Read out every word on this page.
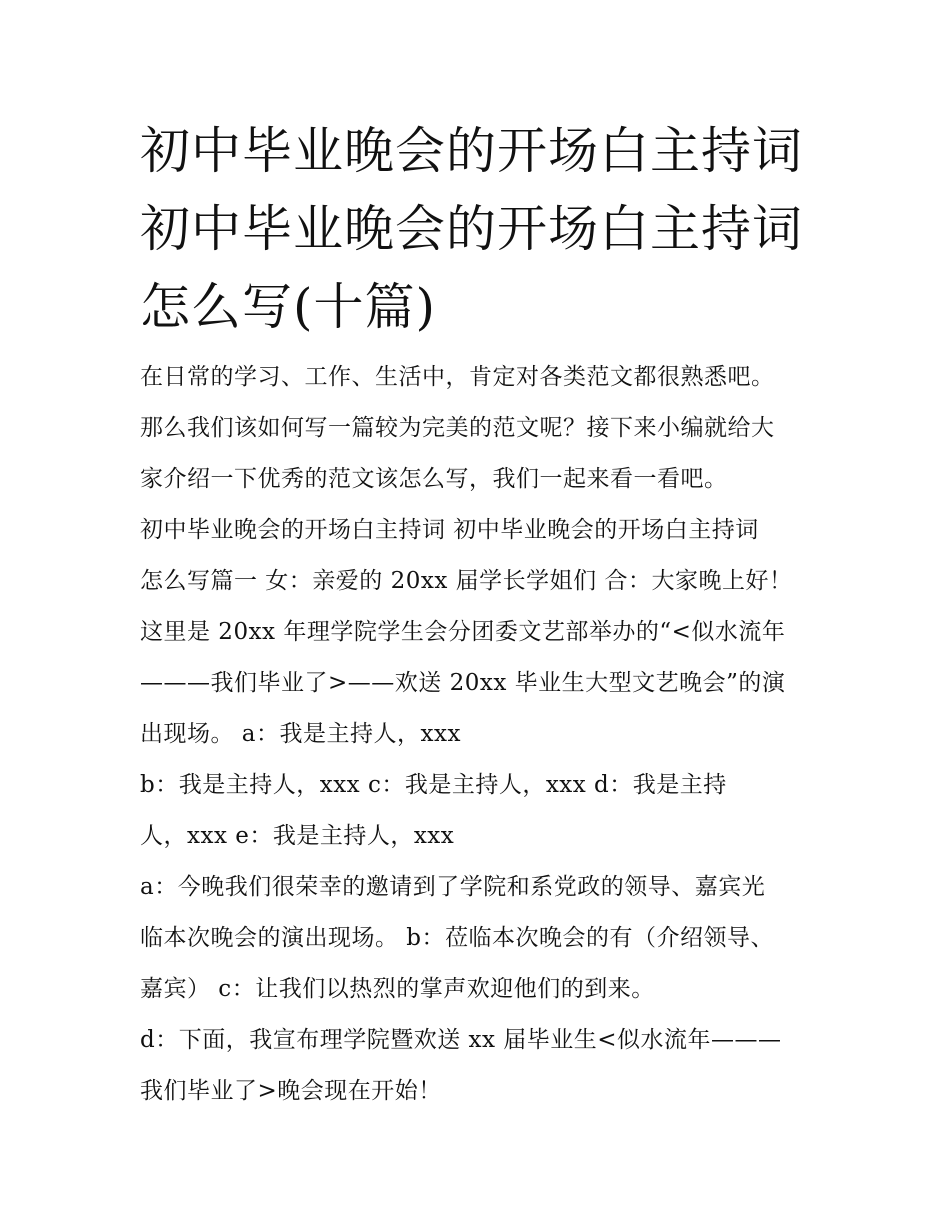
初中毕业晚会的开场白主持词
初中毕业晚会的开场白主持词
怎么写(十篇)
在日常的学习、工作、生活中，肯定对各类范文都很熟悉吧。
那么我们该如何写一篇较为完美的范文呢？接下来小编就给大
家介绍一下优秀的范文该怎么写，我们一起来看一看吧。
初中毕业晚会的开场白主持词 初中毕业晚会的开场白主持词
怎么写篇一 女：亲爱的 20xx 届学长学姐们 合：大家晚上好！
这里是 20xx 年理学院学生会分团委文艺部举办的“<似水流年
———我们毕业了>——欢送 20xx 毕业生大型文艺晚会”的演
出现场。 a：我是主持人，xxx
b：我是主持人，xxx c：我是主持人，xxx d：我是主持
人，xxx e：我是主持人，xxx
a：今晚我们很荣幸的邀请到了学院和系党政的领导、嘉宾光
临本次晚会的演出现场。 b：莅临本次晚会的有（介绍领导、
嘉宾） c：让我们以热烈的掌声欢迎他们的到来。
d：下面，我宣布理学院暨欢送 xx 届毕业生<似水流年———
我们毕业了>晚会现在开始！
